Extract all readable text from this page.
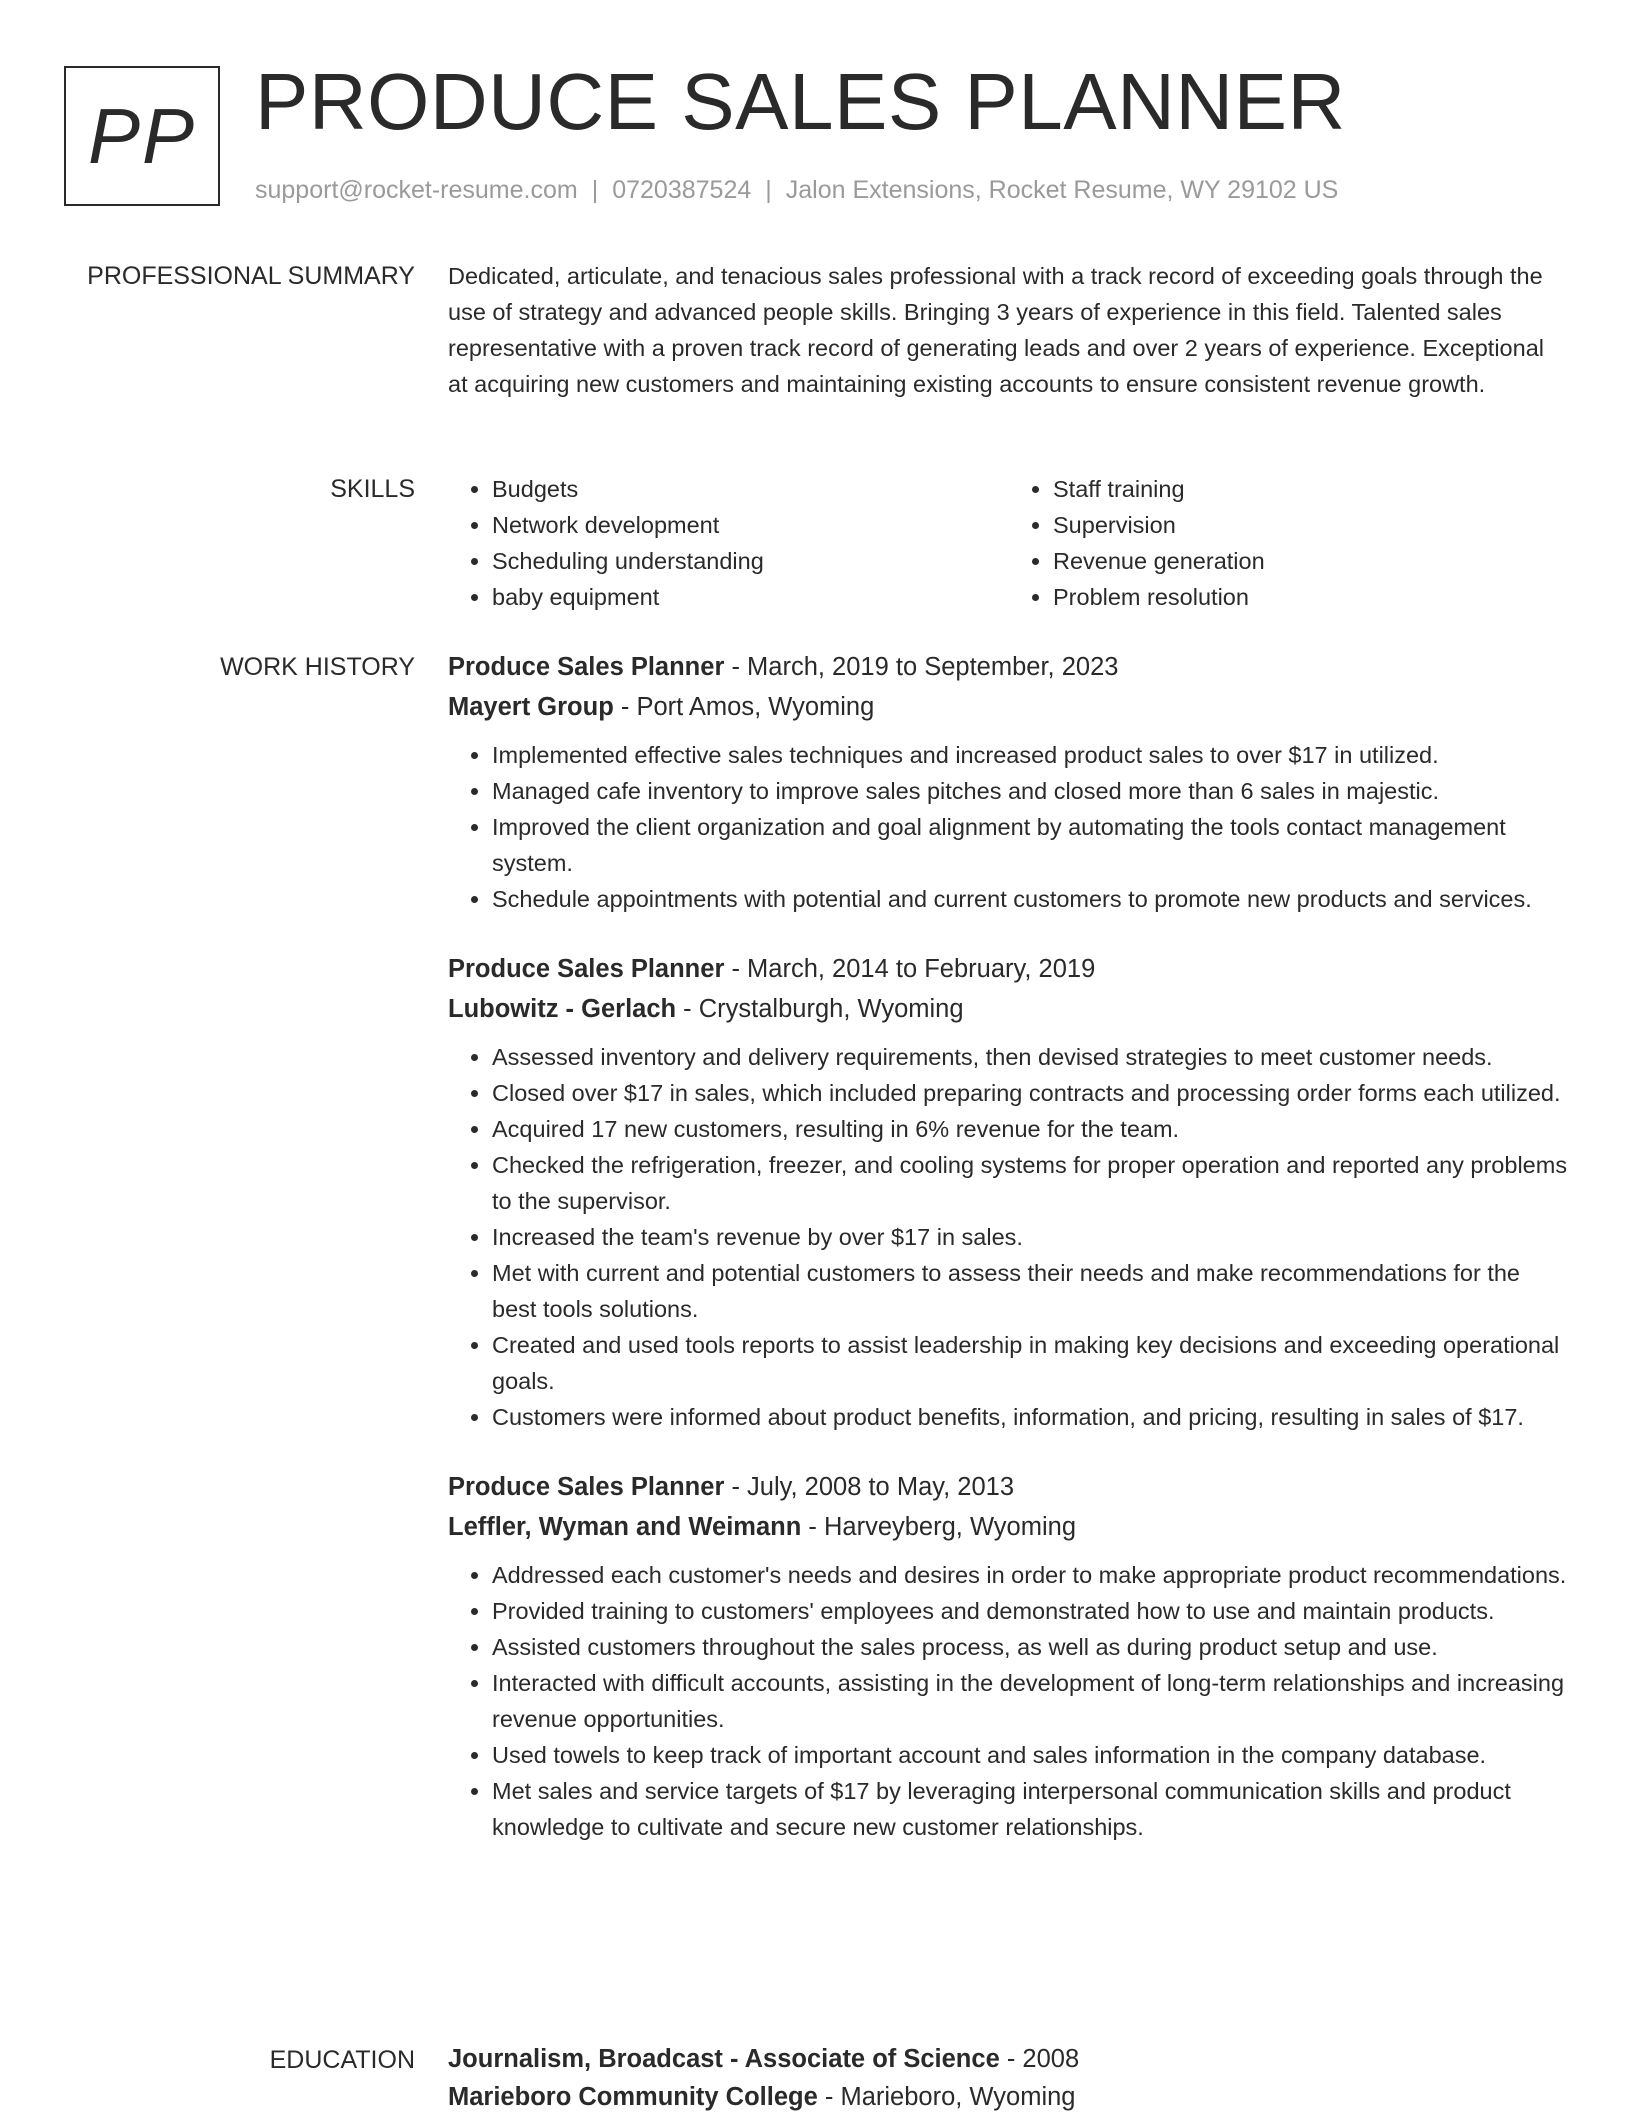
PP PRODUCE SALES PLANNER
support@rocket-resume.com | 0720387524 | Jalon Extensions, Rocket Resume, WY 29102 US
PROFESSIONAL SUMMARY Dedicated, articulate, and tenacious sales professional with a track record of exceeding goals through the use of strategy and advanced people skills. Bringing 3 years of experience in this field. Talented sales representative with a proven track record of generating leads and over 2 years of experience. Exceptional at acquiring new customers and maintaining existing accounts to ensure consistent revenue growth.

SKILLS
•	Budgets
• Network development
• Scheduling understanding
• baby equipment
• Staff training
• Supervision
• Revenue generation
• Problem resolution
WORK HISTORY Produce Sales Planner - March, 2019 to September, 2023
Mayert Group - Port Amos, Wyoming
• Implemented effective sales techniques and increased product sales to over $17 in utilized.
• Managed cafe inventory to improve sales pitches and closed more than 6 sales in majestic.
• Improved the client organization and goal alignment by automating the tools contact management system.
• Schedule appointments with potential and current customers to promote new products and services.
Produce Sales Planner - March, 2014 to February, 2019
Lubowitz - Gerlach - Crystalburgh, Wyoming
• Assessed inventory and delivery requirements, then devised strategies to meet customer needs.
• Closed over $17 in sales, which included preparing contracts and processing order forms each utilized.
• Acquired 17 new customers, resulting in 6% revenue for the team.
• Checked the refrigeration, freezer, and cooling systems for proper operation and reported any problems to the supervisor.
• Increased the team's revenue by over $17 in sales.
• Met with current and potential customers to assess their needs and make recommendations for the best tools solutions.
• Created and used tools reports to assist leadership in making key decisions and exceeding operational goals.
• Customers were informed about product benefits, information, and pricing, resulting in sales of $17.
Produce Sales Planner - July, 2008 to May, 2013
Leffler, Wyman and Weimann - Harveyberg, Wyoming
• Addressed each customer's needs and desires in order to make appropriate product recommendations.
• Provided training to customers' employees and demonstrated how to use and maintain products.
• Assisted customers throughout the sales process, as well as during product setup and use.
• Interacted with difficult accounts, assisting in the development of long-term relationships and increasing revenue opportunities.
• Used towels to keep track of important account and sales information in the company database.
• Met sales and service targets of $17 by leveraging interpersonal communication skills and product knowledge to cultivate and secure new customer relationships.
EDUCATION Journalism, Broadcast - Associate of Science - 2008
Marieboro Community College - Marieboro, Wyoming
